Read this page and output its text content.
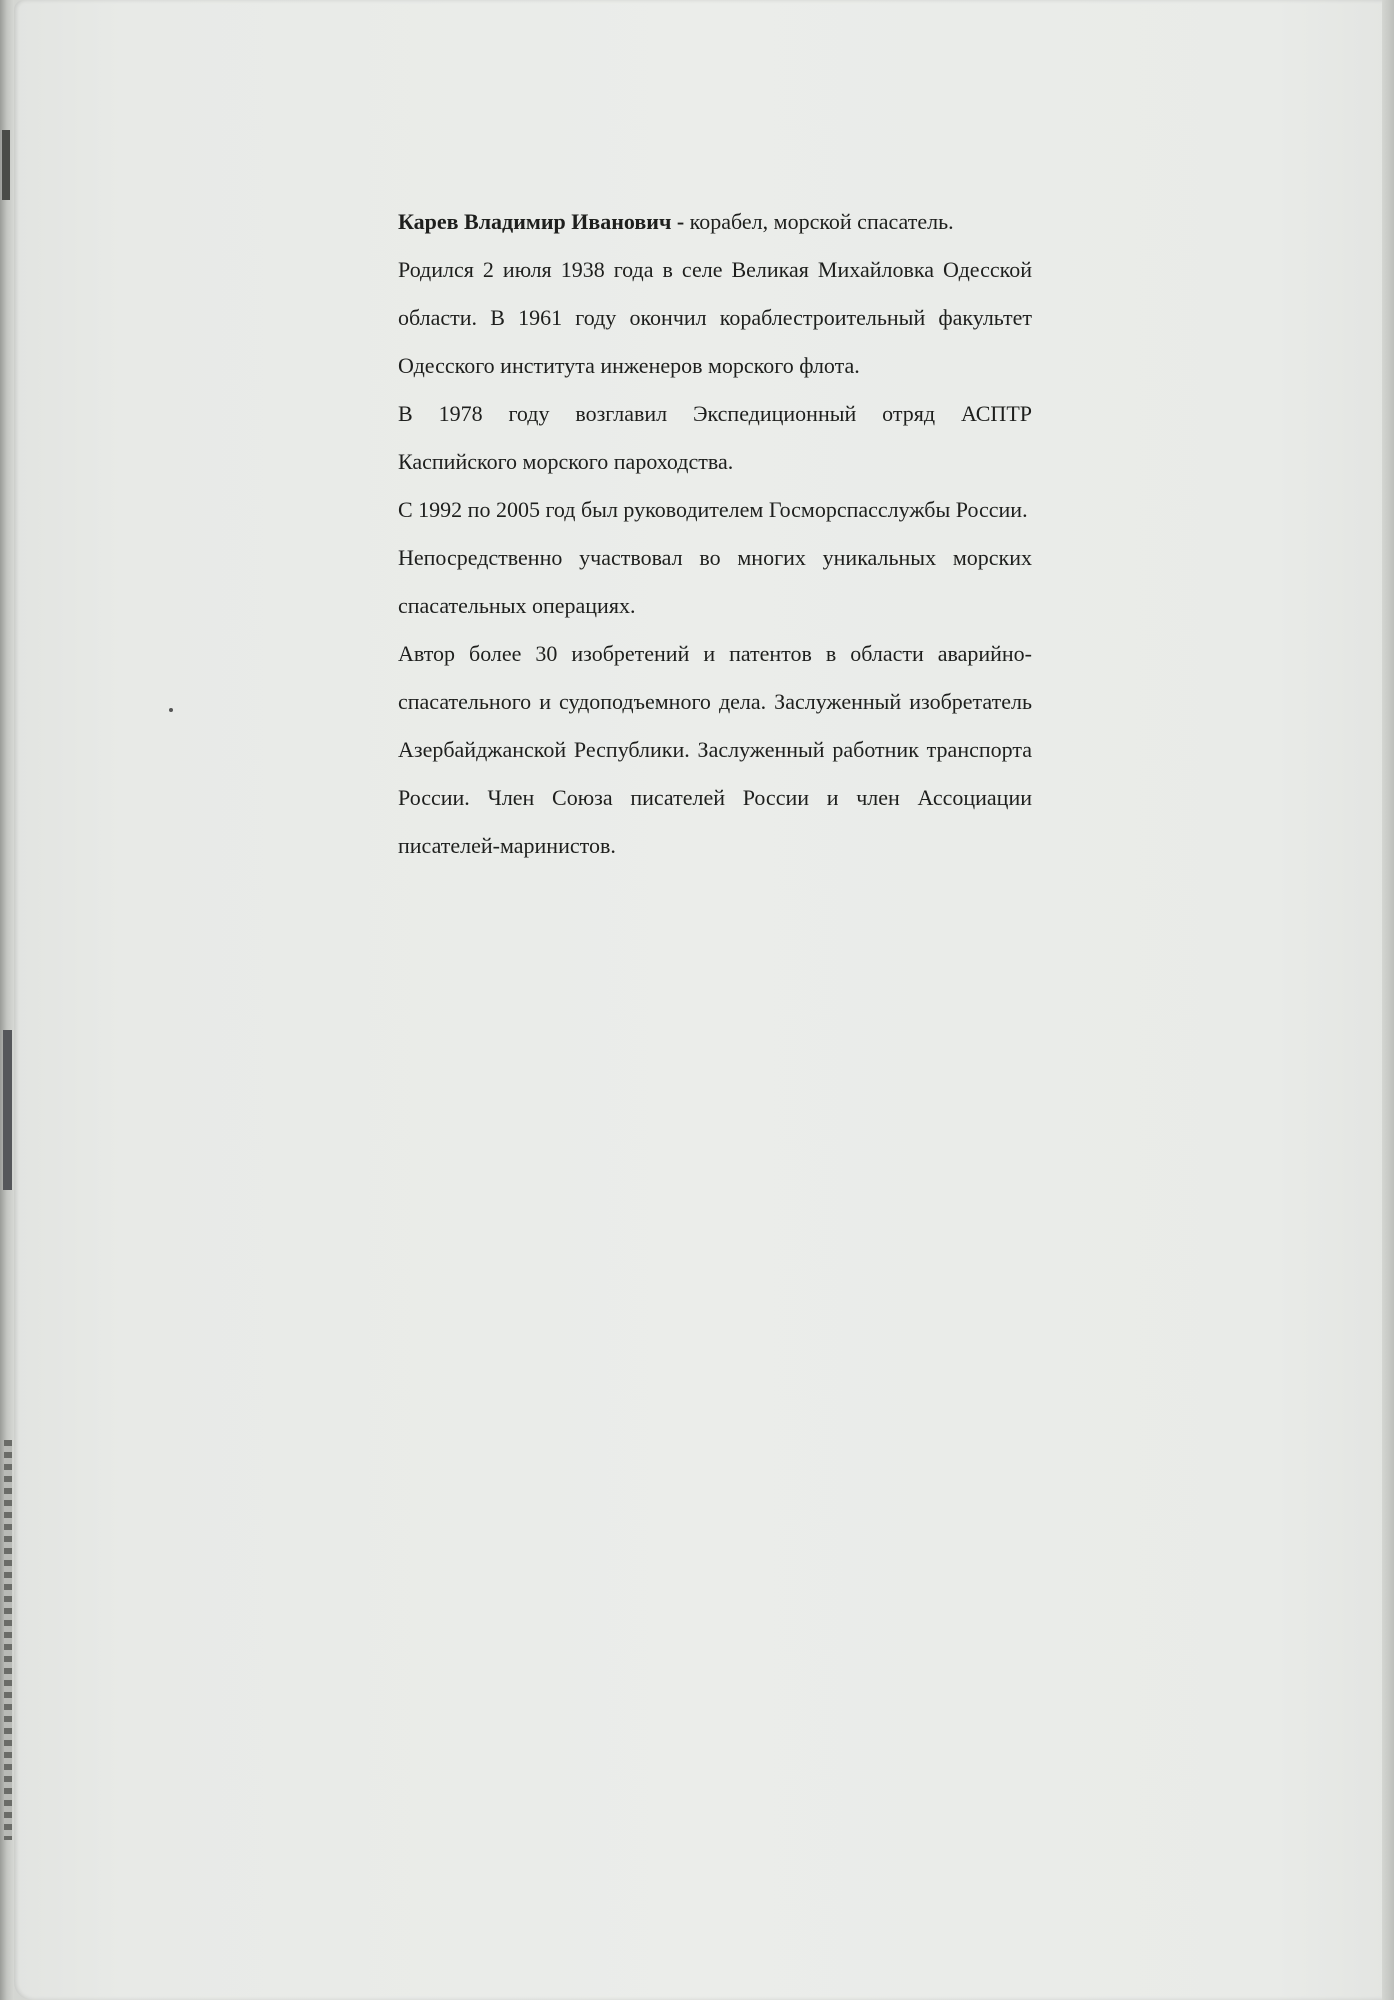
Карев Владимир Иванович - корабел, морской спасатель.

Родился 2 июля 1938 года в селе Великая Михайловка Одесской области. В 1961 году окончил кораблестроительный факультет Одесского института инженеров морского флота.

В 1978 году возглавил Экспедиционный отряд АСПТР Каспийского морского пароходства.

С 1992 по 2005 год был руководителем Госморспасслужбы России.

Непосредственно участвовал во многих уникальных морских спасательных операциях.

Автор более 30 изобретений и патентов в области аварийно-спасательного и судоподъемного дела. Заслуженный изобретатель Азербайджанской Республики. Заслуженный работник транспорта России. Член Союза писателей России и член Ассоциации писателей-маринистов.
